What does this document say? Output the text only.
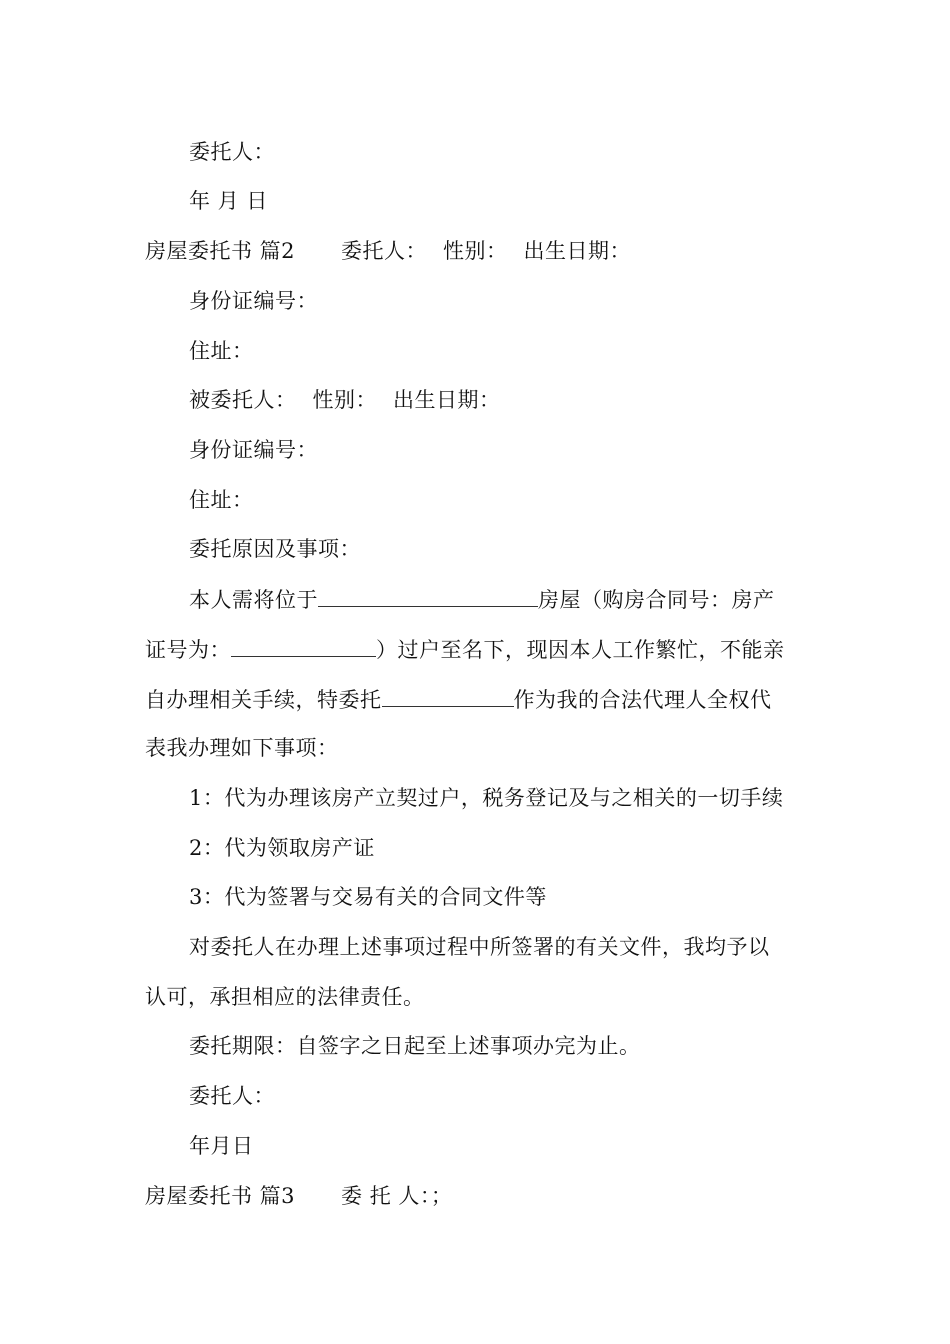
委托人：
年 月 日
房屋委托书 篇2 委托人： 性别： 出生日期：
身份证编号：
住址：
被委托人： 性别： 出生日期：
身份证编号：
住址：
委托原因及事项：
本人需将位于	房屋（购房合同号：房产
证号为：	）过户至名下，现因本人工作繁忙，不能亲
自办理相关手续，特委托	作为我的合法代理人全权代
表我办理如下事项：
1：代为办理该房产立契过户，税务登记及与之相关的一切手续
2：代为领取房产证
3：代为签署与交易有关的合同文件等
对委托人在办理上述事项过程中所签署的有关文件，我均予以
认可，承担相应的法律责任。
委托期限：自签字之日起至上述事项办完为止。
委托人：
年月日
房屋委托书 篇3 委 托 人：；
